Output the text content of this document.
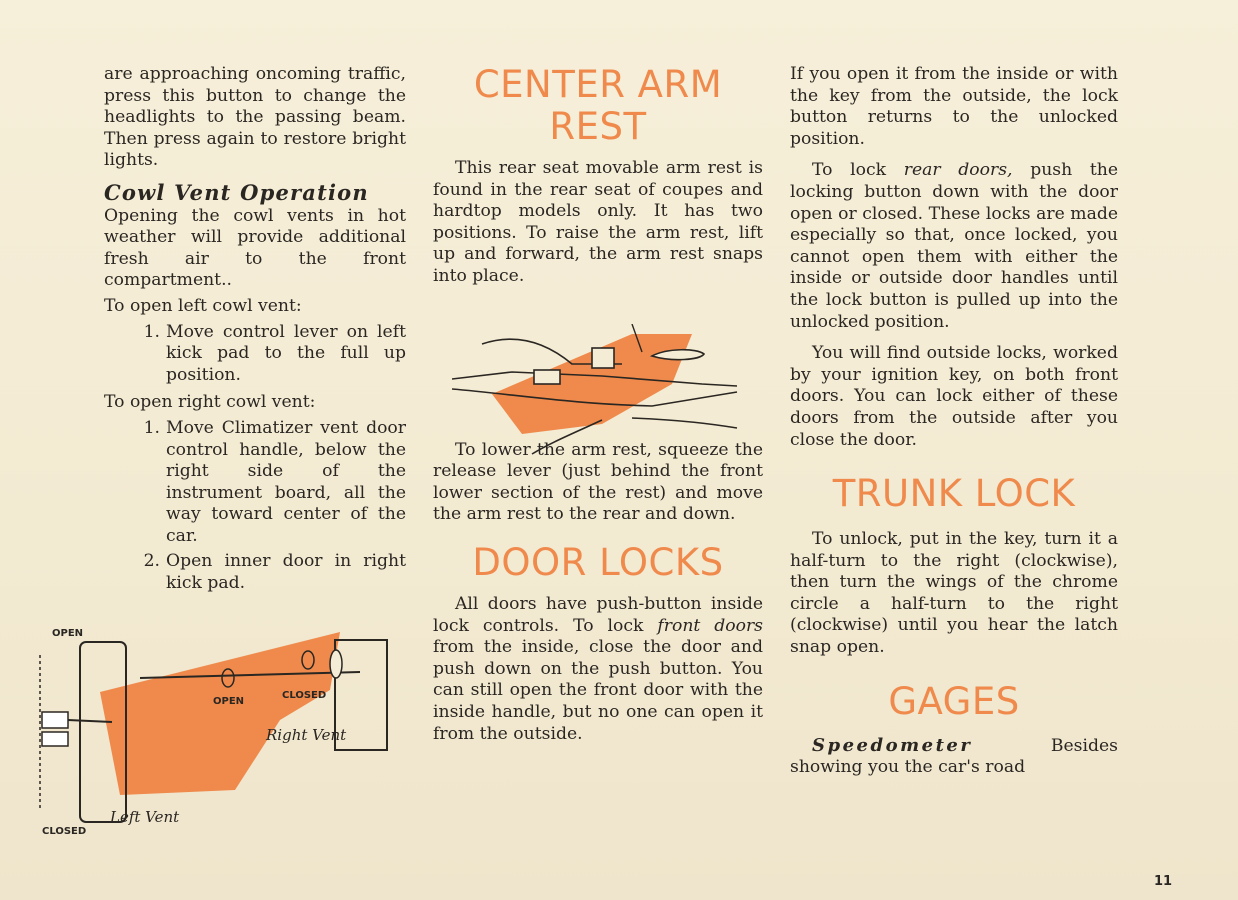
are approaching oncoming traffic, press this button to change the headlights to the passing beam. Then press again to restore bright lights.

Cowl Vent Operation

Opening the cowl vents in hot weather will provide additional fresh air to the front compartment..

To open left cowl vent:

1. Move control lever on left kick pad to the full up position.

To open right cowl vent:

1. Move Climatizer vent door control handle, below the right side of the instrument board, all the way toward center of the car.
2. Open inner door in right kick pad.
OPEN
CLOSED
OPEN
CLOSED
Right Vent
Left Vent
CENTER ARM
REST

This rear seat movable arm rest is found in the rear seat of coupes and hardtop models only. It has two positions. To raise the arm rest, lift up and forward, the arm rest snaps into place.

To lower the arm rest, squeeze the release lever (just behind the front lower section of the rest) and move the arm rest to the rear and down.

DOOR LOCKS

All doors have push-button inside lock controls. To lock front doors from the inside, close the door and push down on the push button. You can still open the front door with the inside handle, but no one can open it from the outside.

If you open it from the inside or with the key from the outside, the lock button returns to the unlocked position.

To lock rear doors, push the locking button down with the door open or closed. These locks are made especially so that, once locked, you cannot open them with either the inside or outside door handles until the lock button is pulled up into the unlocked position.

You will find outside locks, worked by your ignition key, on both front doors. You can lock either of these doors from the outside after you close the door.

TRUNK LOCK

To unlock, put in the key, turn it a half-turn to the right (clockwise), then turn the wings of the chrome circle a half-turn to the right (clockwise) until you hear the latch snap open.

GAGES

Speedometer Besides showing you the car's road

11
